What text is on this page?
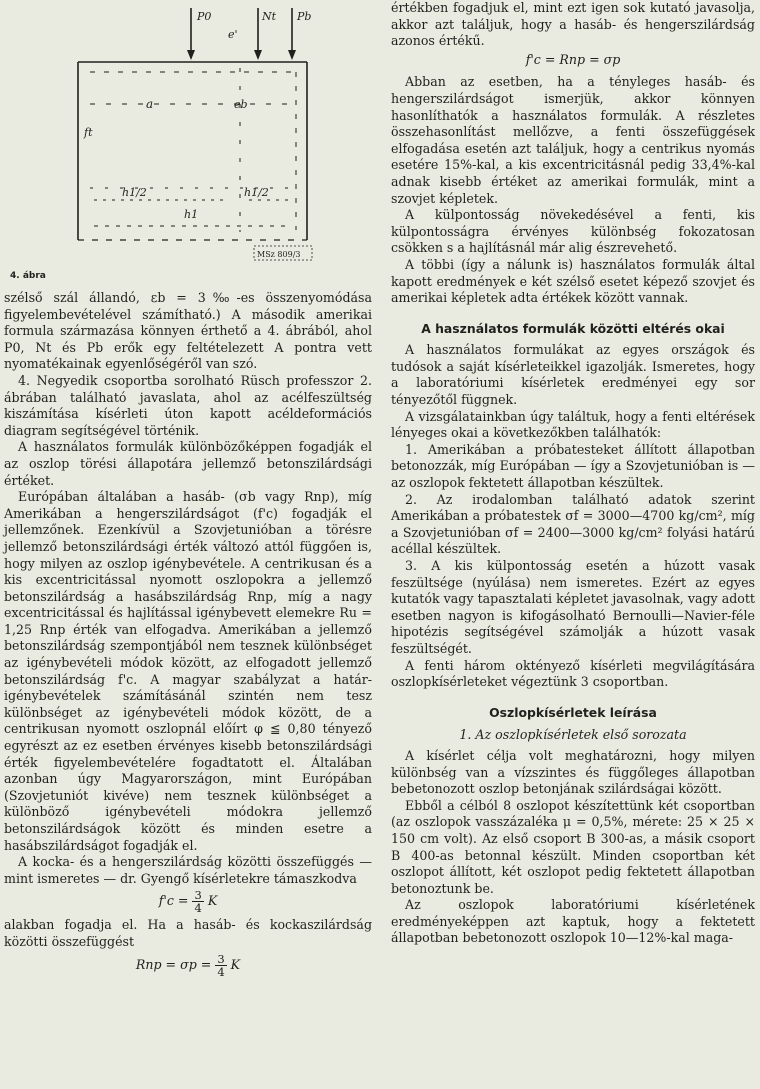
P0	Nt Pb
e'
a	eb
ft
h1/2	h1/2
h1
MSz 809/3
4. ábra

szélső szál állandó, εb = 3‰-es összenyomódása figyelembevételével számítható.) A második amerikai formula származása könnyen érthető a 4. ábrából, ahol P0, Nt és Pb erők egy feltételezett A pontra vett nyomatékainak egyenlőségéről van szó.

4. Negyedik csoportba sorolható Rüsch professzor 2. ábrában található javaslata, ahol az acélfeszültség kiszámítása kísérleti úton kapott acéldeformációs diagram segítségével történik.

A használatos formulák különbözőképpen fogadják el az oszlop törési állapotára jellemző betonszilárdsági értéket.

Európában általában a hasáb- (σb vagy Rnp), míg Amerikában a hengerszilárdságot (f'c) fogadják el jellemzőnek. Ezenkívül a Szovjetunióban a törésre jellemző betonszilárdsági érték változó attól függően is, hogy milyen az oszlop igénybevétele. A centrikusan és a kis excentricitással nyomott oszlopokra a jellemző betonszilárdság a hasábszilárdság Rnp, míg a nagy excentricitással és hajlítással igénybevett elemekre Ru = 1,25 Rnp érték van elfogadva. Amerikában a jellemző betonszilárdság szempontjából nem tesznek különbséget az igénybevételi módok között, az elfogadott jellemző betonszilárdság f'c. A magyar szabályzat a határ-igénybevételek számításánál szintén nem tesz különbséget az igénybevételi módok között, de a centrikusan nyomott oszlopnál előírt φ ≦ 0,80 tényező egyrészt az ez esetben érvényes kisebb betonszilárdsági érték figyelembevételére fogadtatott el. Általában azonban úgy Magyarországon, mint Európában (Szovjetuniót kivéve) nem tesznek különbséget a különböző igénybevételi módokra jellemző betonszilárdságok között és minden esetre a hasábszilárdságot fogadják el.

A kocka- és a hengerszilárdság közötti összefüggés — mint ismeretes — dr. Gyengő kísérletekre támaszkodva

$f'c = \frac{3}{4}$ K

alakban fogadja el. Ha a hasáb- és kockaszilárdság közötti összefüggést

Rnp = $\sigma p = \frac{3}{4}$ K

értékben fogadjuk el, mint ezt igen sok kutató javasolja, akkor azt találjuk, hogy a hasáb- és hengerszilárdság azonos értékű.

f'c = Rnp = σp

Abban az esetben, ha a tényleges hasáb- és hengerszilárdságot ismerjük, akkor könnyen hasonlíthatók a használatos formulák. A részletes összehasonlítást mellőzve, a fenti összefüggések elfogadása esetén azt találjuk, hogy a centrikus nyomás esetére 15%-kal, a kis excentricitásnál pedig 33,4%-kal adnak kisebb értéket az amerikai formulák, mint a szovjet képletek.

A külpontosság növekedésével a fenti, kis külpontosságra érvényes különbség fokozatosan csökken s a hajlításnál már alig észrevehető.

A többi (így a nálunk is) használatos formulák által kapott eredmények e két szélső esetet képező szovjet és amerikai képletek adta értékek között vannak.

A használatos formulák közötti eltérés okai

A használatos formulákat az egyes országok és tudósok a saját kísérleteikkel igazolják. Ismeretes, hogy a laboratóriumi kísérletek eredményei egy sor tényezőtől függnek.

A vizsgálatainkban úgy találtuk, hogy a fenti eltérések lényeges okai a következőkben találhatók:

1. Amerikában a próbatesteket állított állapotban betonozzák, míg Európában — így a Szovjetunióban is — az oszlopok fektetett állapotban készültek.

2. Az irodalomban található adatok szerint Amerikában a próbatestek σf = 3000—4700 kg/cm², míg a Szovjetunióban σf = 2400—3000 kg/cm² folyási határú acéllal készültek.

3. A kis külpontosság esetén a húzott vasak feszültsége (nyúlása) nem ismeretes. Ezért az egyes kutatók vagy tapasztalati képletet javasolnak, vagy adott esetben nagyon is kifogásolható Bernoulli—Navier-féle hipotézis segítségével számolják a húzott vasak feszültségét.

A fenti három oktényező kísérleti megvilágítására oszlopkísérleteket végeztünk 3 csoportban.

Oszlopkísérletek leírása
1. Az oszlopkísérletek első sorozata

A kísérlet célja volt meghatározni, hogy milyen különbség van a vízszintes és függőleges állapotban bebetonozott oszlop betonjának szilárdságai között.

Ebből a célból 8 oszlopot készítettünk két csoportban (az oszlopok vasszázaléka μ = 0,5%, mérete: 25 × 25 × 150 cm volt). Az első csoport B 300-as, a másik csoport B 400-as betonnal készült. Minden csoportban két oszlopot állított, két oszlopot pedig fektetett állapotban betonoztunk be.

Az oszlopok laboratóriumi kísérletének eredményeképpen azt kaptuk, hogy a fektetett állapotban bebetonozott oszlopok 10—12%-kal maga-
